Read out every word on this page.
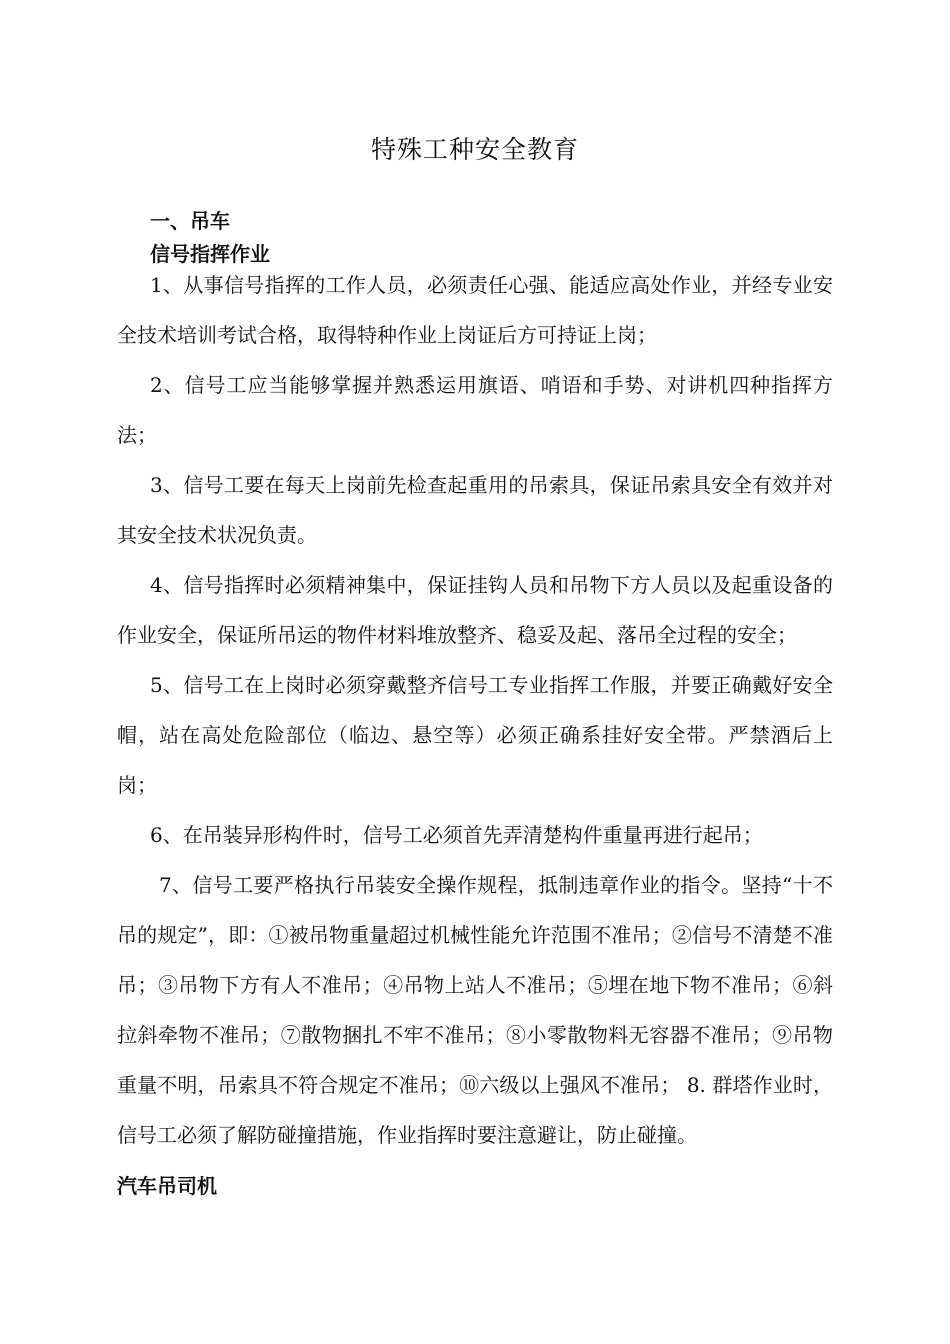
特殊工种安全教育
一、吊车
信号指挥作业
1、从事信号指挥的工作人员，必须责任心强、能适应高处作业，并经专业安全技术培训考试合格，取得特种作业上岗证后方可持证上岗；
2、信号工应当能够掌握并熟悉运用旗语、哨语和手势、对讲机四种指挥方法；
3、信号工要在每天上岗前先检查起重用的吊索具，保证吊索具安全有效并对其安全技术状况负责。
4、信号指挥时必须精神集中，保证挂钩人员和吊物下方人员以及起重设备的作业安全，保证所吊运的物件材料堆放整齐、稳妥及起、落吊全过程的安全；
5、信号工在上岗时必须穿戴整齐信号工专业指挥工作服，并要正确戴好安全帽，站在高处危险部位（临边、悬空等）必须正确系挂好安全带。严禁酒后上岗；
6、在吊装异形构件时，信号工必须首先弄清楚构件重量再进行起吊；
7、信号工要严格执行吊装安全操作规程，抵制违章作业的指令。坚持“十不吊的规定”，即：①被吊物重量超过机械性能允许范围不准吊；②信号不清楚不准吊；③吊物下方有人不准吊；④吊物上站人不准吊；⑤埋在地下物不准吊；⑥斜拉斜牵物不准吊；⑦散物捆扎不牢不准吊；⑧小零散物料无容器不准吊；⑨吊物重量不明，吊索具不符合规定不准吊；⑩六级以上强风不准吊； 8. 群塔作业时，信号工必须了解防碰撞措施，作业指挥时要注意避让，防止碰撞。
汽车吊司机
